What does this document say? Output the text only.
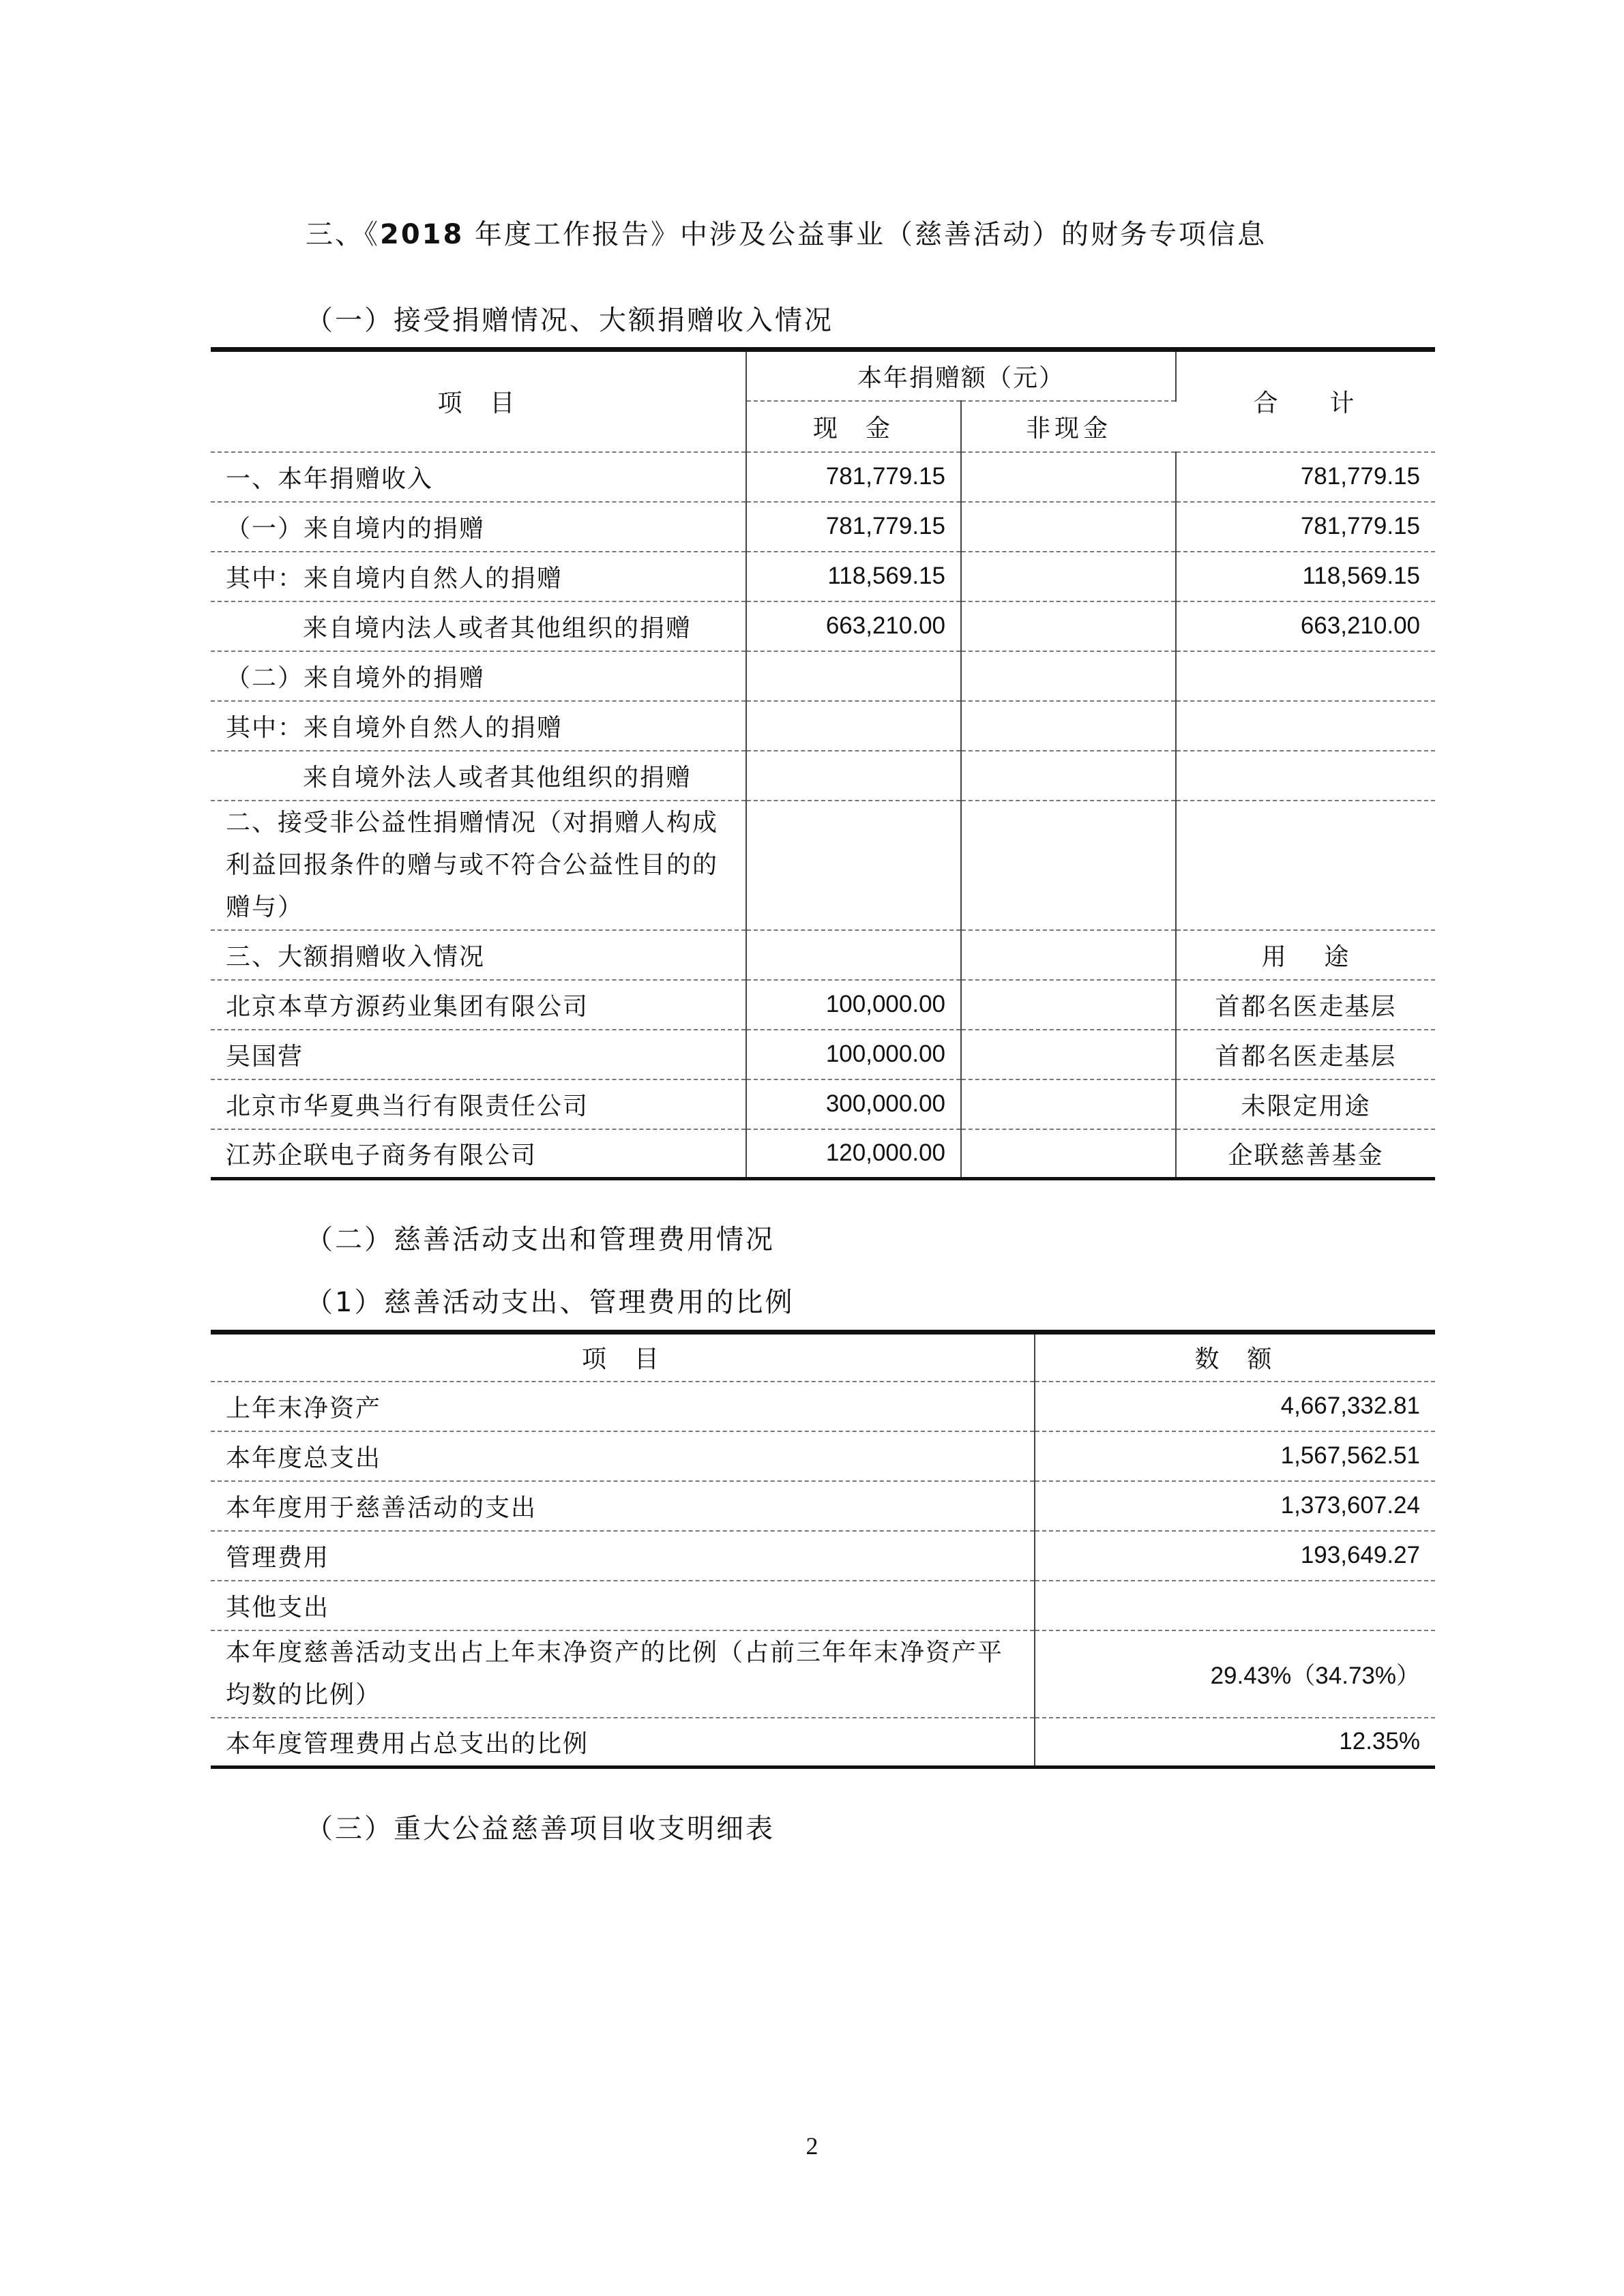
三、《2018 年度工作报告》中涉及公益事业（慈善活动）的财务专项信息
（一）接受捐赠情况、大额捐赠收入情况
项  目	本年捐赠额（元）		合    计
	现  金	非现金	
一、本年捐赠收入	781,779.15		781,779.15
（一）来自境内的捐赠	781,779.15		781,779.15
其中：来自境内自然人的捐赠	118,569.15		118,569.15
来自境内法人或者其他组织的捐赠	663,210.00		663,210.00
（二）来自境外的捐赠			
其中：来自境外自然人的捐赠			
来自境外法人或者其他组织的捐赠			
二、接受非公益性捐赠情况（对捐赠人构成利益回报条件的赠与或不符合公益性目的的赠与）			
三、大额捐赠收入情况			用    途
北京本草方源药业集团有限公司	100,000.00		首都名医走基层
吴国营	100,000.00		首都名医走基层
北京市华夏典当行有限责任公司	300,000.00		未限定用途
江苏企联电子商务有限公司	120,000.00		企联慈善基金
（二）慈善活动支出和管理费用情况
（1）慈善活动支出、管理费用的比例
项  目	数  额
上年末净资产	4,667,332.81
本年度总支出	1,567,562.51
本年度用于慈善活动的支出	1,373,607.24
管理费用	193,649.27
其他支出	
本年度慈善活动支出占上年末净资产的比例（占前三年年末净资产平均数的比例）	29.43%（34.73%）
本年度管理费用占总支出的比例	12.35%
（三）重大公益慈善项目收支明细表
2
